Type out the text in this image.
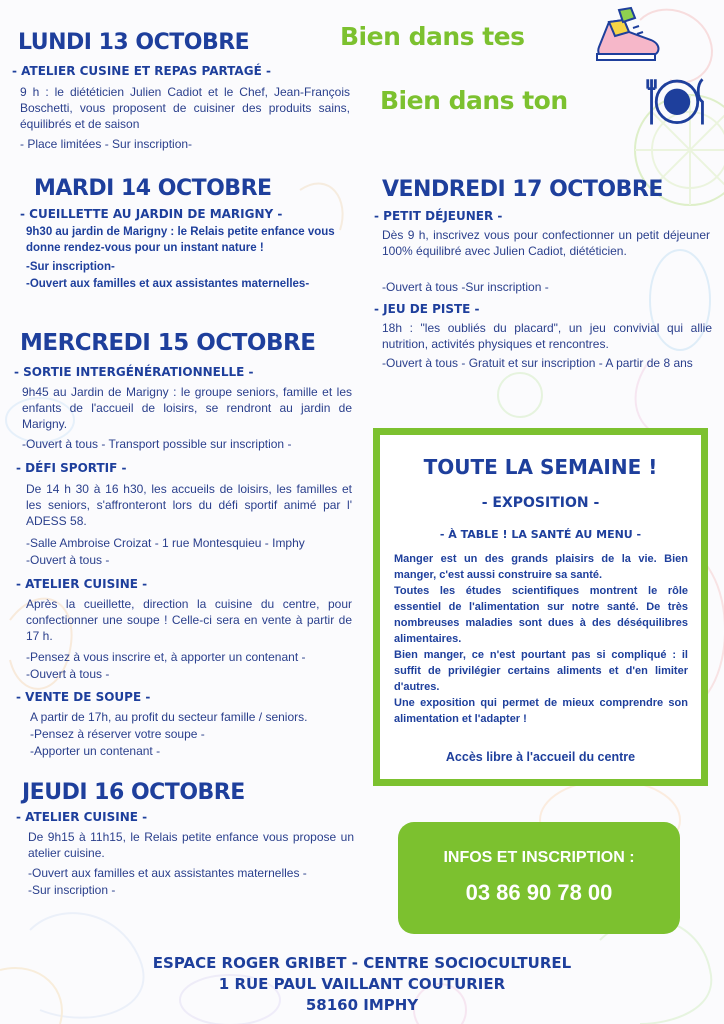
Bien dans tes
Bien dans ton
LUNDI 13 OCTOBRE
- ATELIER CUSINE ET REPAS PARTAGÉ -

9 h : le diététicien Julien Cadiot et le Chef, Jean-François Boschetti, vous proposent de cuisiner des produits sains, équilibrés et de saison

- Place limitées - Sur inscription-

MARDI 14 OCTOBRE
- CUEILLETTE AU JARDIN DE MARIGNY -

9h30 au jardin de Marigny : le Relais petite enfance vous donne rendez-vous pour un instant nature !

-Sur inscription-

-Ouvert aux familles et aux assistantes maternelles-

MERCREDI 15 OCTOBRE
- SORTIE INTERGÉNÉRATIONNELLE -

9h45 au Jardin de Marigny : le groupe seniors, famille et les enfants de l'accueil de loisirs, se rendront au jardin de Marigny.

-Ouvert à tous - Transport possible sur inscription -

- DÉFI SPORTIF -

De 14 h 30 à 16 h30, les accueils de loisirs, les familles et les seniors, s'affronteront lors du défi sportif animé par l' ADESS 58.

-Salle Ambroise Croizat - 1 rue Montesquieu - Imphy

-Ouvert à tous -

- ATELIER CUISINE -

Après la cueillette, direction la cuisine du centre, pour confectionner une soupe ! Celle-ci sera en vente à partir de 17 h.

-Pensez à vous inscrire et, à apporter un contenant -

-Ouvert à tous -

- VENTE DE SOUPE -

A partir de 17h, au profit du secteur famille / seniors.

-Pensez à réserver votre soupe -

-Apporter un contenant -

JEUDI 16 OCTOBRE
- ATELIER CUISINE -

De 9h15 à 11h15, le Relais petite enfance vous propose un atelier cuisine.

-Ouvert aux familles et aux assistantes maternelles -

-Sur inscription -

VENDREDI 17 OCTOBRE
- PETIT DÉJEUNER -

Dès 9 h, inscrivez vous pour confectionner un petit déjeuner 100% équilibré avec Julien Cadiot, diététicien.

-Ouvert à tous -Sur inscription -

- JEU DE PISTE -

18h : "les oubliés du placard", un jeu convivial qui allie nutrition, activités physiques et rencontres.

-Ouvert à tous - Gratuit et sur inscription - A partir de 8 ans

TOUTE LA SEMAINE !
- EXPOSITION -
- À TABLE ! LA SANTÉ AU MENU -

Manger est un des grands plaisirs de la vie. Bien manger, c'est aussi construire sa santé.

Toutes les études scientifiques montrent le rôle essentiel de l'alimentation sur notre santé. De très nombreuses maladies sont dues à des déséquilibres alimentaires.

Bien manger, ce n'est pourtant pas si compliqué : il suffit de privilégier certains aliments et d'en limiter d'autres.

Une exposition qui permet de mieux comprendre son alimentation et l'adapter !

Accès libre à l'accueil du centre
INFOS ET INSCRIPTION :
03 86 90 78 00
ESPACE ROGER GRIBET - CENTRE SOCIOCULTUREL
1 RUE PAUL VAILLANT COUTURIER
58160 IMPHY
